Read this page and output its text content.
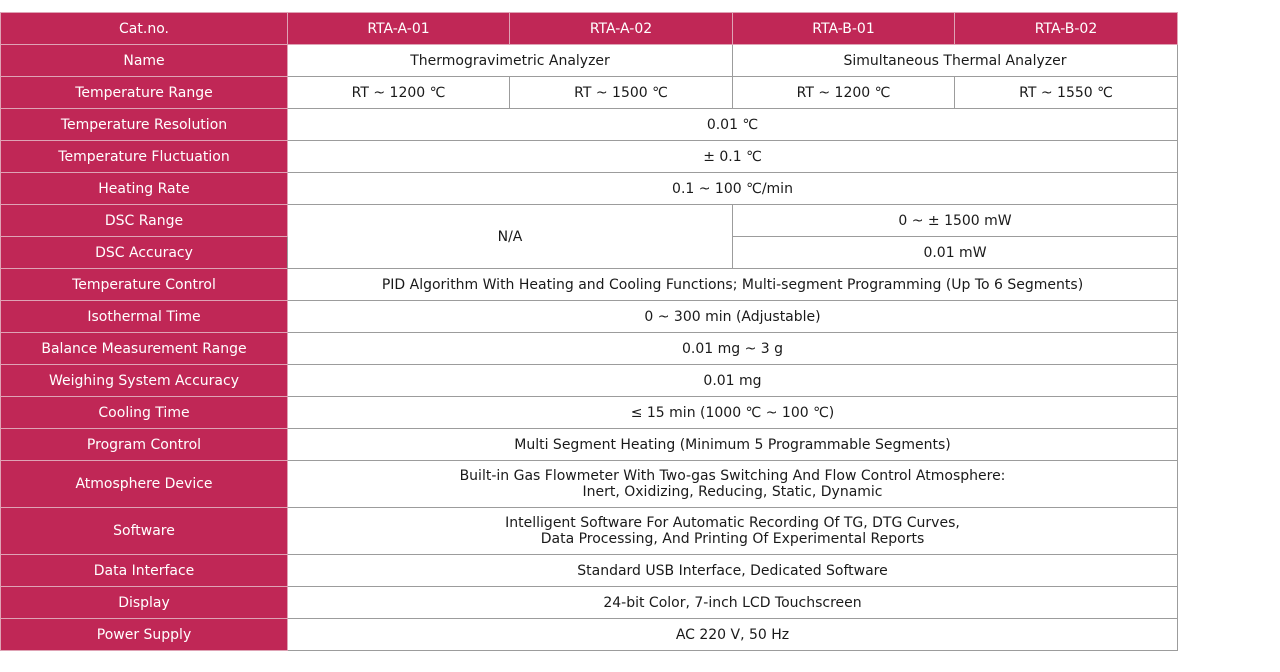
Cat.no.	RTA-A-01	RTA-A-02	RTA-B-01	RTA-B-02
Name	Thermogravimetric Analyzer		Simultaneous Thermal Analyzer	
Temperature Range	RT ~ 1200 ℃	RT ~ 1500 ℃	RT ~ 1200 ℃	RT ~ 1550 ℃
Temperature Resolution	0.01 ℃			
Temperature Fluctuation	± 0.1 ℃			
Heating Rate	0.1 ~ 100 ℃/min			
DSC Range	N/A		0 ~ ± 1500 mW	
DSC Accuracy			0.01 mW	
Temperature Control	PID Algorithm With Heating and Cooling Functions; Multi-segment Programming (Up To 6 Segments)			
Isothermal Time	0 ~ 300 min (Adjustable)			
Balance Measurement Range	0.01 mg ~ 3 g			
Weighing System Accuracy	0.01 mg			
Cooling Time	≤ 15 min (1000 ℃ ~ 100 ℃)			
Program Control	Multi Segment Heating (Minimum 5 Programmable Segments)			
Atmosphere Device	Built-in Gas Flowmeter With Two-gas Switching And Flow Control Atmosphere:
Inert, Oxidizing, Reducing, Static, Dynamic			

Software	Intelligent Software For Automatic Recording Of TG, DTG Curves,
Data Processing, And Printing Of Experimental Reports			

Data Interface	Standard USB Interface, Dedicated Software			
Display	24-bit Color, 7-inch LCD Touchscreen			
Power Supply	AC 220 V, 50 Hz			
